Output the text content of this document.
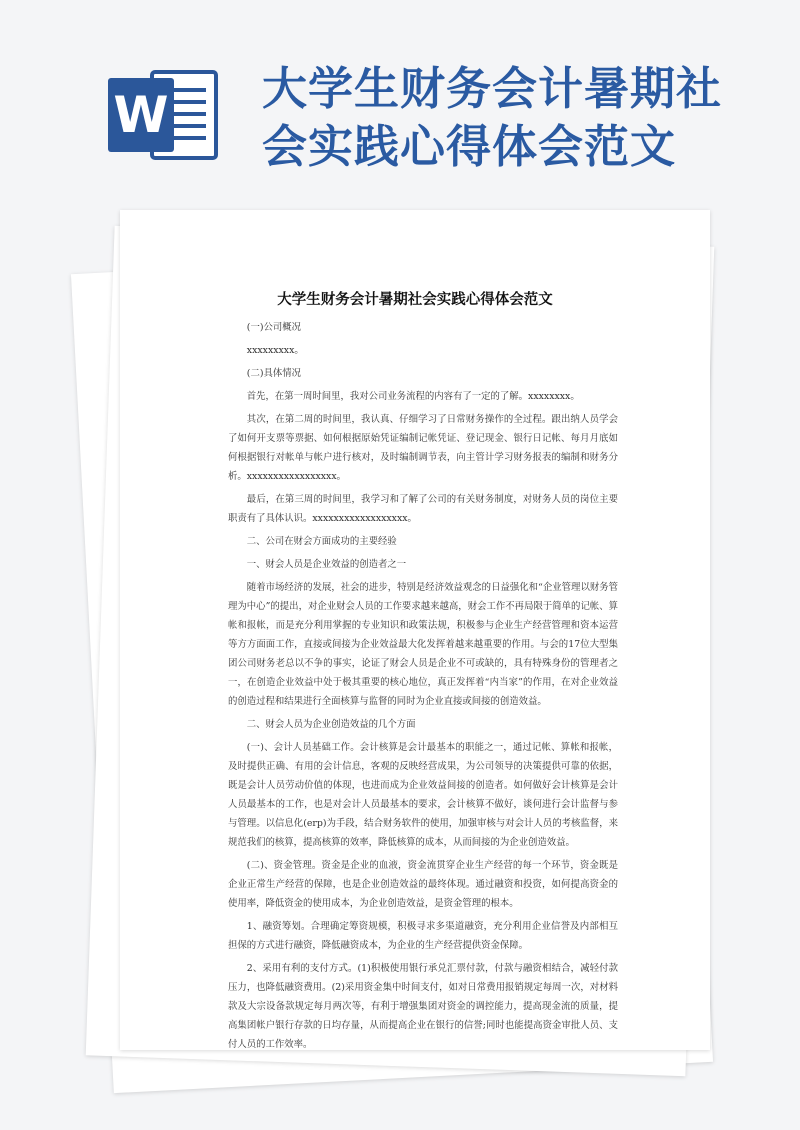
W 大学生财务会计暑期社
会实践心得体会范文
大学生财务会计暑期社会实践心得体会范文

(一)公司概况

xxxxxxxxx。

(二)具体情况

首先，在第一周时间里，我对公司业务流程的内容有了一定的了解。xxxxxxxx。

其次，在第二周的时间里，我认真、仔细学习了日常财务操作的全过程。跟出纳人员学会了如何开支票等票据、如何根据原始凭证编制记帐凭证、登记现金、银行日记帐、每月月底如何根据银行对帐单与帐户进行核对，及时编制调节表，向主管计学习财务报表的编制和财务分析。xxxxxxxxxxxxxxxxx。

最后，在第三周的时间里，我学习和了解了公司的有关财务制度，对财务人员的岗位主要职责有了具体认识。xxxxxxxxxxxxxxxxxx。

二、公司在财会方面成功的主要经验

一、财会人员是企业效益的创造者之一

随着市场经济的发展，社会的进步，特别是经济效益观念的日益强化和“企业管理以财务管理为中心”的提出，对企业财会人员的工作要求越来越高，财会工作不再局限于简单的记帐、算帐和报帐，而是充分利用掌握的专业知识和政策法规，积极参与企业生产经营管理和资本运营等方方面面工作，直接或间接为企业效益最大化发挥着越来越重要的作用。与会的17位大型集团公司财务老总以不争的事实，论证了财会人员是企业不可或缺的，具有特殊身份的管理者之一，在创造企业效益中处于极其重要的核心地位，真正发挥着“内当家”的作用，在对企业效益的创造过程和结果进行全面核算与监督的同时为企业直接或间接的创造效益。

二、财会人员为企业创造效益的几个方面

(一)、会计人员基础工作。会计核算是会计最基本的职能之一，通过记帐、算帐和报帐，及时提供正确、有用的会计信息，客观的反映经营成果，为公司领导的决策提供可靠的依据，既是会计人员劳动价值的体现，也进而成为企业效益间接的创造者。如何做好会计核算是会计人员最基本的工作，也是对会计人员最基本的要求，会计核算不做好，谈何进行会计监督与参与管理。以信息化(erp)为手段，结合财务软件的使用，加强审核与对会计人员的考核监督，来规范我们的核算，提高核算的效率，降低核算的成本，从而间接的为企业创造效益。

(二)、资金管理。资金是企业的血液，资金流贯穿企业生产经营的每一个环节，资金既是企业正常生产经营的保障，也是企业创造效益的最终体现。通过融资和投资，如何提高资金的使用率，降低资金的使用成本，为企业创造效益，是资金管理的根本。

1、融资筹划。合理确定筹资规模，积极寻求多渠道融资，充分利用企业信誉及内部相互担保的方式进行融资，降低融资成本，为企业的生产经营提供资金保障。

2、采用有利的支付方式。(1)积极使用银行承兑汇票付款，付款与融资相结合，减轻付款压力，也降低融资费用。(2)采用资金集中时间支付，如对日常费用报销规定每周一次，对材料款及大宗设备款规定每月两次等，有利于增强集团对资金的调控能力，提高现金流的质量，提高集团帐户银行存款的日均存量，从而提高企业在银行的信誉;同时也能提高资金审批人员、支付人员的工作效率。
